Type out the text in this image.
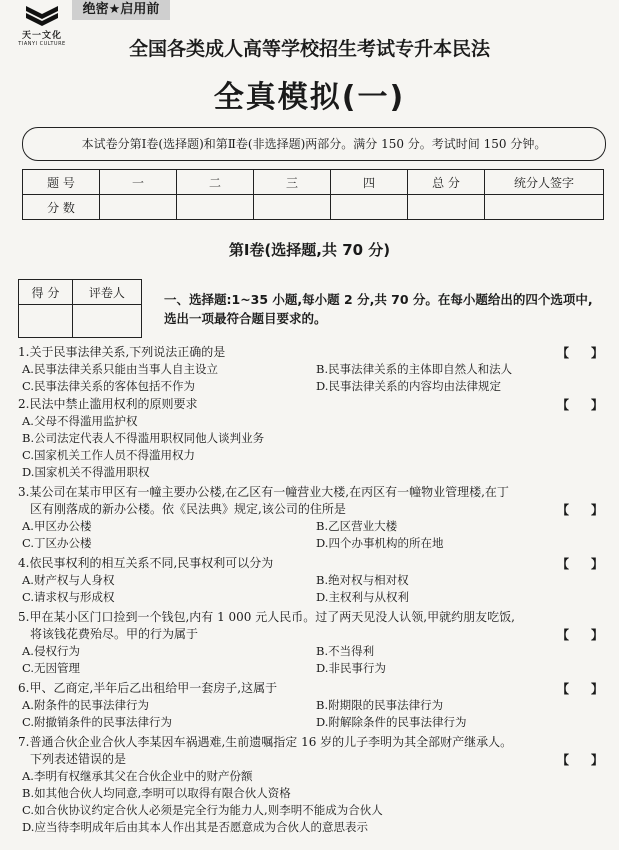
天一文化
TIANYI CULTURE
绝密★启用前
全国各类成人高等学校招生考试专升本民法
全真模拟(一)
本试卷分第Ⅰ卷(选择题)和第Ⅱ卷(非选择题)两部分。满分 150 分。考试时间 150 分钟。
题 号	一	二	三	四	总 分	统分人签字
分 数						
第Ⅰ卷(选择题,共 70 分)
得 分	评卷人
		一、选择题:1~35 小题,每小题 2 分,共 70 分。在每小题给出的四个选项中,选出一项最符合题目要求的。
1.关于民事法律关系,下列说法正确的是	【 】
A.民事法律关系只能由当事人自主设立	B.民事法律关系的主体即自然人和法人
C.民事法律关系的客体包括不作为	D.民事法律关系的内容均由法律规定
2.民法中禁止滥用权利的原则要求	【 】
A.父母不得滥用监护权
B.公司法定代表人不得滥用职权同他人谈判业务
C.国家机关工作人员不得滥用权力
D.国家机关不得滥用职权
3.某公司在某市甲区有一幢主要办公楼,在乙区有一幢营业大楼,在丙区有一幢物业管理楼,在丁
区有刚落成的新办公楼。依《民法典》规定,该公司的住所是	【 】
A.甲区办公楼	B.乙区营业大楼
C.丁区办公楼	D.四个办事机构的所在地
4.依民事权利的相互关系不同,民事权利可以分为	【 】
A.财产权与人身权	B.绝对权与相对权
C.请求权与形成权	D.主权利与从权利
5.甲在某小区门口捡到一个钱包,内有 1 000 元人民币。过了两天见没人认领,甲就约朋友吃饭,
将该钱花费殆尽。甲的行为属于	【 】
A.侵权行为	B.不当得利
C.无因管理	D.非民事行为
6.甲、乙商定,半年后乙出租给甲一套房子,这属于	【 】
A.附条件的民事法律行为	B.附期限的民事法律行为
C.附撤销条件的民事法律行为	D.附解除条件的民事法律行为
7.普通合伙企业合伙人李某因车祸遇难,生前遗嘱指定 16 岁的儿子李明为其全部财产继承人。
下列表述错误的是	【 】
A.李明有权继承其父在合伙企业中的财产份额
B.如其他合伙人均同意,李明可以取得有限合伙人资格
C.如合伙协议约定合伙人必须是完全行为能力人,则李明不能成为合伙人
D.应当待李明成年后由其本人作出其是否愿意成为合伙人的意思表示
